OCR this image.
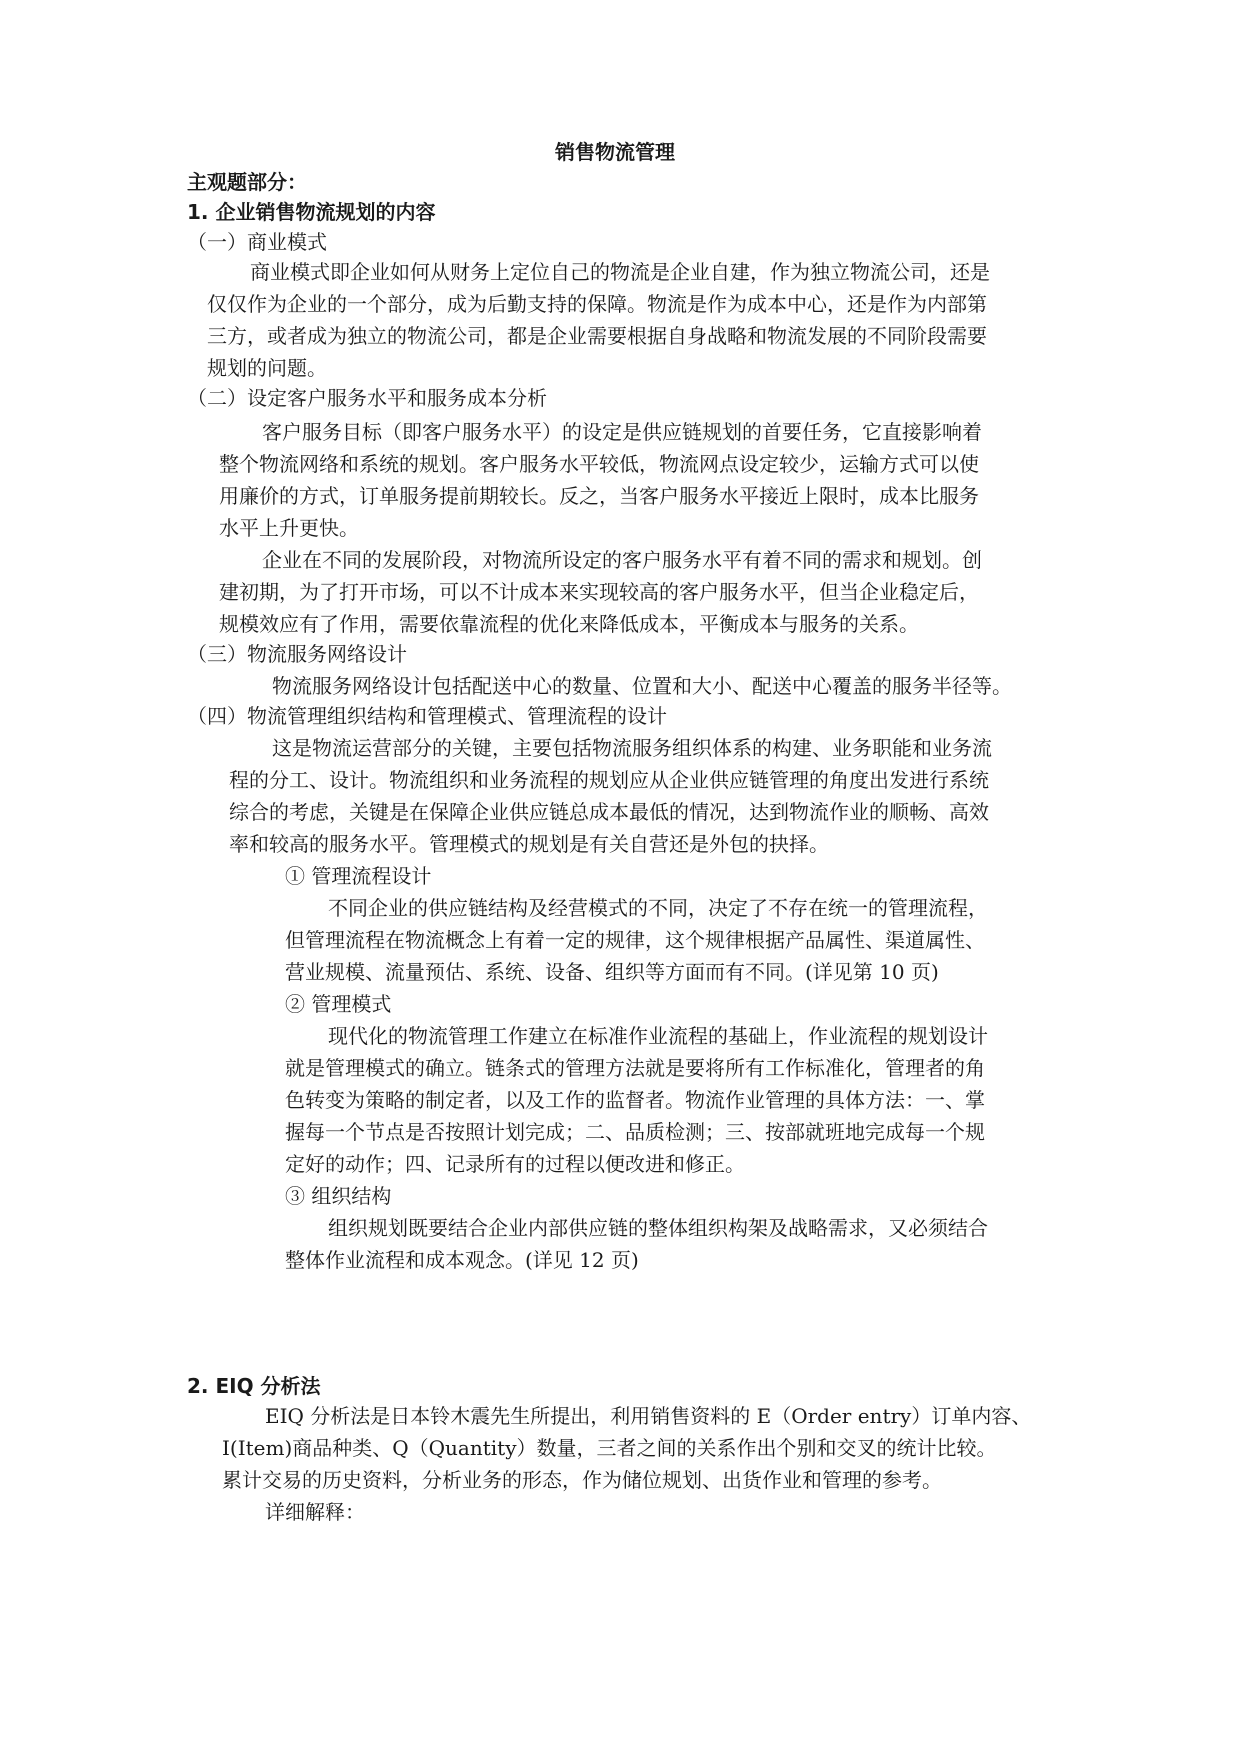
销售物流管理
主观题部分：
1. 企业销售物流规划的内容
（一）商业模式
商业模式即企业如何从财务上定位自己的物流是企业自建，作为独立物流公司，还是
仅仅作为企业的一个部分，成为后勤支持的保障。物流是作为成本中心，还是作为内部第
三方，或者成为独立的物流公司，都是企业需要根据自身战略和物流发展的不同阶段需要
规划的问题。
（二）设定客户服务水平和服务成本分析
客户服务目标（即客户服务水平）的设定是供应链规划的首要任务，它直接影响着
整个物流网络和系统的规划。客户服务水平较低，物流网点设定较少，运输方式可以使
用廉价的方式，订单服务提前期较长。反之，当客户服务水平接近上限时，成本比服务
水平上升更快。
企业在不同的发展阶段，对物流所设定的客户服务水平有着不同的需求和规划。创
建初期，为了打开市场，可以不计成本来实现较高的客户服务水平，但当企业稳定后，
规模效应有了作用，需要依靠流程的优化来降低成本，平衡成本与服务的关系。
（三）物流服务网络设计
物流服务网络设计包括配送中心的数量、位置和大小、配送中心覆盖的服务半径等。
（四）物流管理组织结构和管理模式、管理流程的设计
这是物流运营部分的关键，主要包括物流服务组织体系的构建、业务职能和业务流
程的分工、设计。物流组织和业务流程的规划应从企业供应链管理的角度出发进行系统
综合的考虑，关键是在保障企业供应链总成本最低的情况，达到物流作业的顺畅、高效
率和较高的服务水平。管理模式的规划是有关自营还是外包的抉择。
① 管理流程设计
不同企业的供应链结构及经营模式的不同，决定了不存在统一的管理流程，
但管理流程在物流概念上有着一定的规律，这个规律根据产品属性、渠道属性、
营业规模、流量预估、系统、设备、组织等方面而有不同。(详见第 10 页)
② 管理模式
现代化的物流管理工作建立在标准作业流程的基础上，作业流程的规划设计
就是管理模式的确立。链条式的管理方法就是要将所有工作标准化，管理者的角
色转变为策略的制定者，以及工作的监督者。物流作业管理的具体方法：一、掌
握每一个节点是否按照计划完成；二、品质检测；三、按部就班地完成每一个规
定好的动作；四、记录所有的过程以便改进和修正。
③ 组织结构
组织规划既要结合企业内部供应链的整体组织构架及战略需求，又必须结合
整体作业流程和成本观念。(详见 12 页)
2. EIQ 分析法
EIQ 分析法是日本铃木震先生所提出，利用销售资料的 E（Order entry）订单内容、
I(Item)商品种类、Q（Quantity）数量，三者之间的关系作出个别和交叉的统计比较。
累计交易的历史资料，分析业务的形态，作为储位规划、出货作业和管理的参考。
详细解释：
